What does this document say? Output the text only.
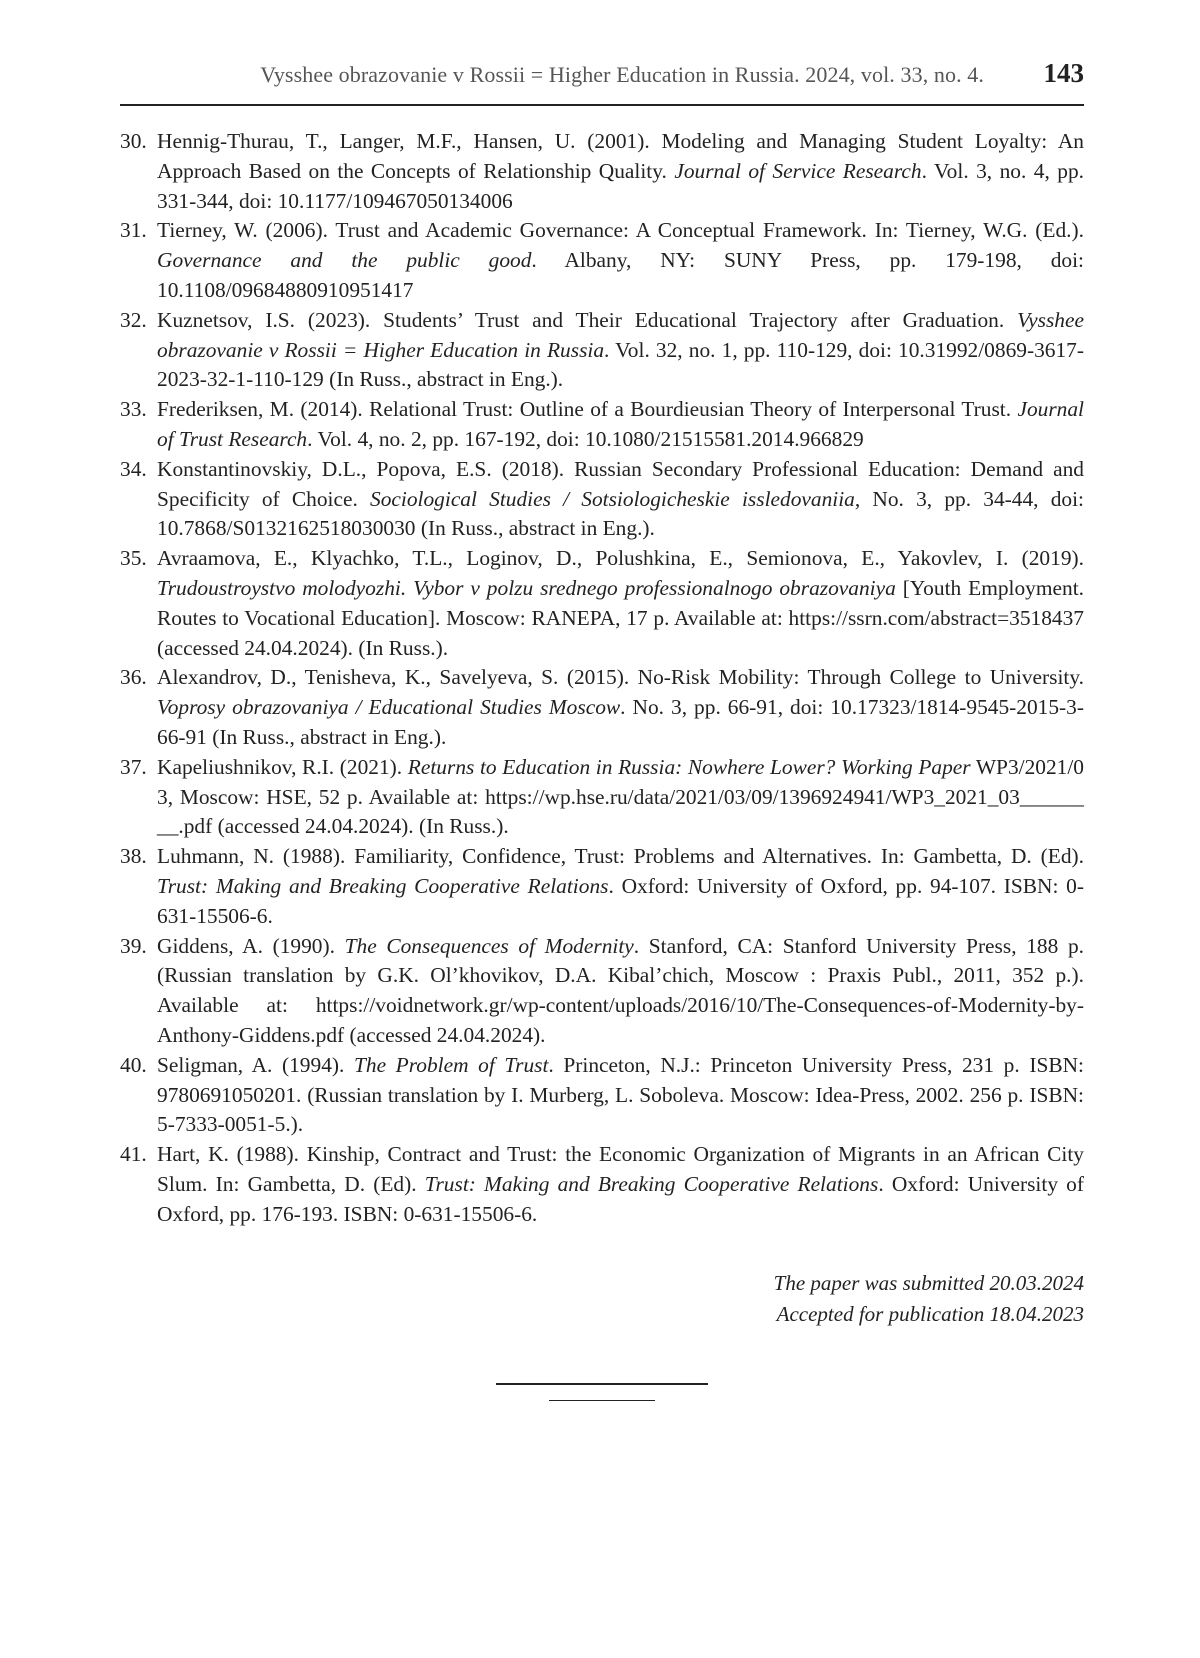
Vysshee obrazovanie v Rossii = Higher Education in Russia. 2024, vol. 33, no. 4. 143
30. Hennig-Thurau, T., Langer, M.F., Hansen, U. (2001). Modeling and Managing Student Loyalty: An Approach Based on the Concepts of Relationship Quality. Journal of Service Research. Vol. 3, no. 4, pp. 331-344, doi: 10.1177/109467050134006
31. Tierney, W. (2006). Trust and Academic Governance: A Conceptual Framework. In: Tierney, W.G. (Ed.). Governance and the public good. Albany, NY: SUNY Press, pp. 179-198, doi: 10.1108/09684880910951417
32. Kuznetsov, I.S. (2023). Students’ Trust and Their Educational Trajectory after Graduation. Vysshee obrazovanie v Rossii = Higher Education in Russia. Vol. 32, no. 1, pp. 110-129, doi: 10.31992/0869-3617-2023-32-1-110-129 (In Russ., abstract in Eng.).
33. Frederiksen, M. (2014). Relational Trust: Outline of a Bourdieusian Theory of Interpersonal Trust. Journal of Trust Research. Vol. 4, no. 2, pp. 167-192, doi: 10.1080/21515581.2014.966829
34. Konstantinovskiy, D.L., Popova, E.S. (2018). Russian Secondary Professional Education: Demand and Specificity of Choice. Sociological Studies / Sotsiologicheskie issledovaniia, No. 3, pp. 34-44, doi: 10.7868/S0132162518030030 (In Russ., abstract in Eng.).
35. Avraamova, E., Klyachko, T.L., Loginov, D., Polushkina, E., Semionova, E., Yakovlev, I. (2019). Trudoustroystvo molodyozhi. Vybor v polzu srednego professionalnogo obrazovaniya [Youth Employment. Routes to Vocational Education]. Moscow: RANEPA, 17 p. Available at: https://ssrn.com/abstract=3518437 (accessed 24.04.2024). (In Russ.).
36. Alexandrov, D., Tenisheva, K., Savelyeva, S. (2015). No-Risk Mobility: Through College to University. Voprosy obrazovaniya / Educational Studies Moscow. No. 3, pp. 66-91, doi: 10.17323/1814-9545-2015-3-66-91 (In Russ., abstract in Eng.).
37. Kapeliushnikov, R.I. (2021). Returns to Education in Russia: Nowhere Lower? Working Paper WP3/2021/03, Moscow: HSE, 52 p. Available at: https://wp.hse.ru/data/2021/03/09/1396924941/WP3_2021_03________.pdf (accessed 24.04.2024). (In Russ.).
38. Luhmann, N. (1988). Familiarity, Confidence, Trust: Problems and Alternatives. In: Gambetta, D. (Ed). Trust: Making and Breaking Cooperative Relations. Oxford: University of Oxford, pp. 94-107. ISBN: 0-631-15506-6.
39. Giddens, A. (1990). The Consequences of Modernity. Stanford, CA: Stanford University Press, 188 p. (Russian translation by G.K. Ol’khovikov, D.A. Kibal’chich, Moscow : Praxis Publ., 2011, 352 p.). Available at: https://voidnetwork.gr/wp-content/uploads/2016/10/The-Consequences-of-Modernity-by-Anthony-Giddens.pdf (accessed 24.04.2024).
40. Seligman, A. (1994). The Problem of Trust. Princeton, N.J.: Princeton University Press, 231 p. ISBN: 9780691050201. (Russian translation by I. Murberg, L. Soboleva. Moscow: Idea-Press, 2002. 256 p. ISBN: 5-7333-0051-5.).
41. Hart, K. (1988). Kinship, Contract and Trust: the Economic Organization of Migrants in an African City Slum. In: Gambetta, D. (Ed). Trust: Making and Breaking Cooperative Relations. Oxford: University of Oxford, pp. 176-193. ISBN: 0-631-15506-6.
The paper was submitted 20.03.2024
Accepted for publication 18.04.2023
